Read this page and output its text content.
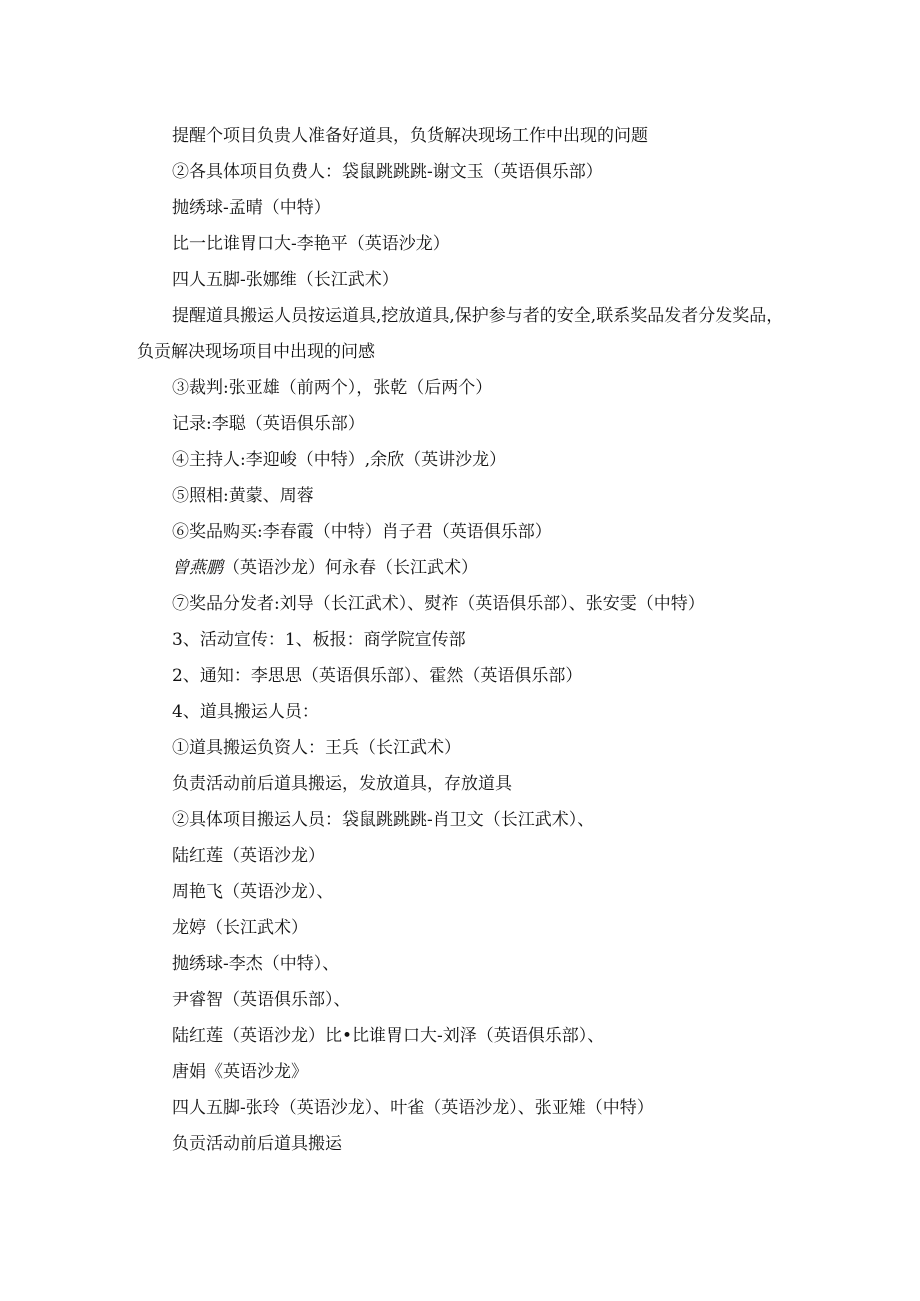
提醒个项目负贵人准备好道具，负货解决现场工作中出现的问题
②各具体项目负费人：袋鼠跳跳跳-谢文玉（英语俱乐部）
抛绣球-孟晴（中特）
比一比谁胃口大-李艳平（英语沙龙）
四人五脚-张娜维（长江武术）
提醒道具搬运人员按运道具,挖放道具,保护参与者的安全,联系奖品发者分发奖品，负贡解决现场项目中出现的问感
③裁判:张亚雄（前两个），张乾（后两个）
记录:李聪（英语俱乐部）
④主持人:李迎峻（中特）,余欣（英讲沙龙）
⑤照相:黄蒙、周蓉
⑥奖品购买:李春霞（中特）肖子君（英语俱乐部）
曾燕鹏（英语沙龙）何永春（长江武术）
⑦奖品分发者:刘导（长江武术）、熨祚（英语俱乐部）、张安雯（中特）
3、活动宣传：1、板报：商学院宣传部
2、通知：李思思（英语俱乐部）、霍然（英语俱乐部）
4、道具搬运人员：
①道具搬运负资人：王兵（长江武术）
负责活动前后道具搬运，发放道具，存放道具
②具体项目搬运人员：袋鼠跳跳跳-肖卫文（长江武术）、
陆红莲（英语沙龙）
周艳飞（英语沙龙）、
龙婷（长江武术）
抛绣球-李杰（中特）、
尹睿智（英语俱乐部）、
陆红莲（英语沙龙）比•比谁胃口大-刘泽（英语俱乐部）、
唐娟《英语沙龙》
四人五脚-张玲（英语沙龙）、叶雀（英语沙龙）、张亚雉（中特）
负贡活动前后道具搬运
